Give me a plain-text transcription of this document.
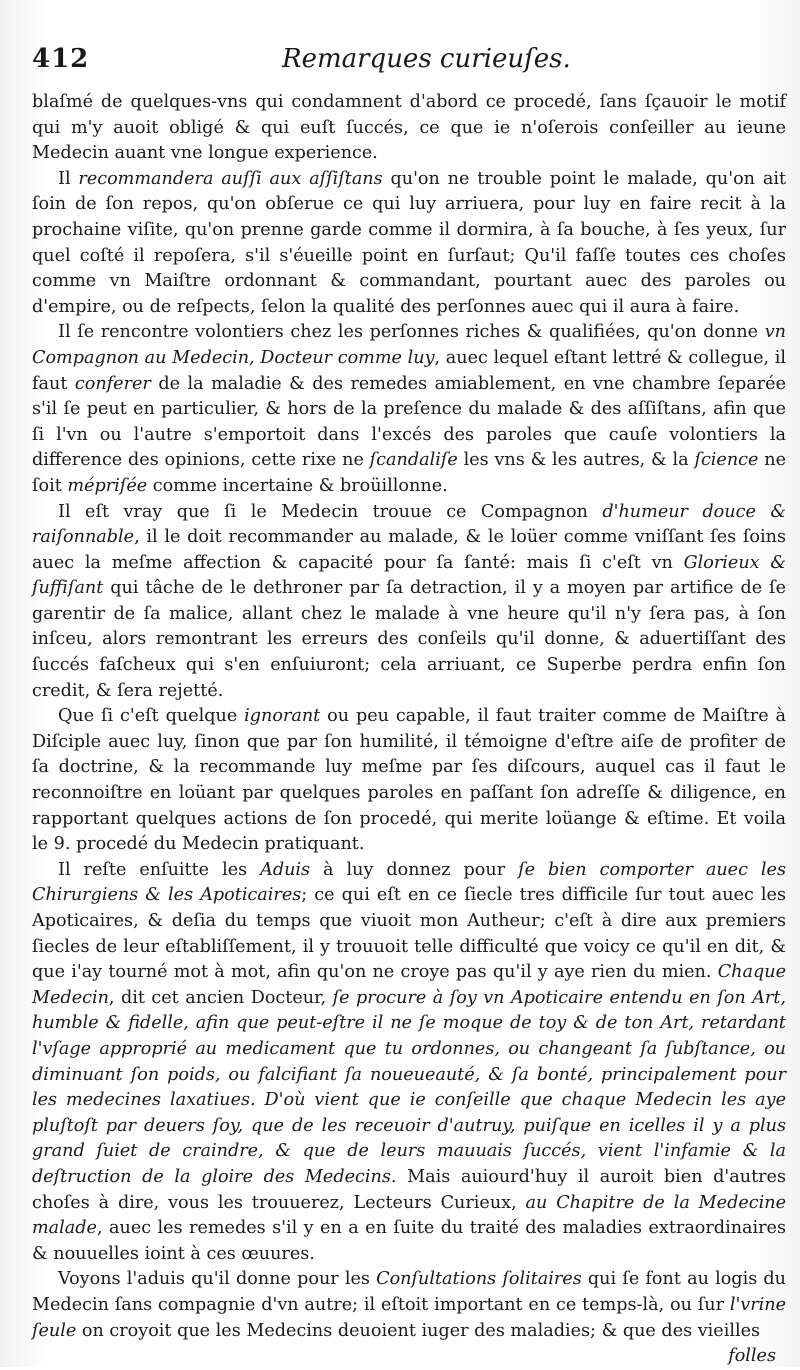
412	Remarques curieuſes.

blaſmé de quelques-vns qui condamnent d'abord ce procedé, ſans ſçauoir le motif qui m'y auoit obligé & qui euſt ſuccés, ce que ie n'oſerois conſeiller au ieune Medecin auant vne longue experience.

Il recommandera auſſi aux aſſiſtans qu'on ne trouble point le malade, qu'on ait ſoin de ſon repos, qu'on obſerue ce qui luy arriuera, pour luy en faire recit à la prochaine viſite, qu'on prenne garde comme il dormira, à ſa bouche, à ſes yeux, ſur quel coſté il repoſera, s'il s'éueille point en ſurſaut; Qu'il faſſe toutes ces choſes comme vn Maiſtre ordonnant & commandant, pourtant auec des paroles ou d'empire, ou de reſpects, ſelon la qualité des perſonnes auec qui il aura à faire.

Il ſe rencontre volontiers chez les perſonnes riches & qualifiées, qu'on donne vn Compagnon au Medecin, Docteur comme luy, auec lequel eſtant lettré & collegue, il faut conferer de la maladie & des remedes amiablement, en vne chambre ſeparée s'il ſe peut en particulier, & hors de la preſence du malade & des aſſiſtans, afin que ſi l'vn ou l'autre s'emportoit dans l'excés des paroles que cauſe volontiers la difference des opinions, cette rixe ne ſcandaliſe les vns & les autres, & la ſcience ne ſoit mépriſée comme incertaine & broüillonne.

Il eſt vray que ſi le Medecin trouue ce Compagnon d'humeur douce & raiſonnable, il le doit recommander au malade, & le loüer comme vniſſant ſes ſoins auec la meſme affection & capacité pour ſa ſanté: mais ſi c'eſt vn Glorieux & ſuffiſant qui tâche de le dethroner par ſa detraction, il y a moyen par artifice de ſe garentir de ſa malice, allant chez le malade à vne heure qu'il n'y ſera pas, à ſon inſceu, alors remontrant les erreurs des conſeils qu'il donne, & aduertiſſant des ſuccés faſcheux qui s'en enſuiuront; cela arriuant, ce Superbe perdra enfin ſon credit, & ſera rejetté.

Que ſi c'eſt quelque ignorant ou peu capable, il faut traiter comme de Maiſtre à Diſciple auec luy, ſinon que par ſon humilité, il témoigne d'eſtre aiſe de profiter de ſa doctrine, & la recommande luy meſme par ſes diſcours, auquel cas il faut le reconnoiſtre en loüant par quelques paroles en paſſant ſon adreſſe & diligence, en rapportant quelques actions de ſon procedé, qui merite loüange & eſtime. Et voila le 9. procedé du Medecin pratiquant.

Il reſte enſuitte les Aduis à luy donnez pour ſe bien comporter auec les Chirurgiens & les Apoticaires; ce qui eſt en ce ſiecle tres difficile ſur tout auec les Apoticaires, & deſia du temps que viuoit mon Autheur; c'eſt à dire aux premiers ſiecles de leur eſtabliſſement, il y trouuoit telle difficulté que voicy ce qu'il en dit, & que i'ay tourné mot à mot, afin qu'on ne croye pas qu'il y aye rien du mien. Chaque Medecin, dit cet ancien Docteur, ſe procure à ſoy vn Apoticaire entendu en ſon Art, humble & fidelle, afin que peut-eſtre il ne ſe moque de toy & de ton Art, retardant l'vſage approprié au medicament que tu ordonnes, ou changeant ſa ſubſtance, ou diminuant ſon poids, ou falcifiant ſa noueueauté, & ſa bonté, principalement pour les medecines laxatiues. D'où vient que ie conſeille que chaque Medecin les aye pluſtoſt par deuers ſoy, que de les receuoir d'autruy, puiſque en icelles il y a plus grand ſuiet de craindre, & que de leurs mauuais ſuccés, vient l'infamie & la deſtruction de la gloire des Medecins. Mais auiourd'huy il auroit bien d'autres choſes à dire, vous les trouuerez, Lecteurs Curieux, au Chapitre de la Medecine malade, auec les remedes s'il y en a en ſuite du traité des maladies extraordinaires & nouuelles ioint à ces œuures.

Voyons l'aduis qu'il donne pour les Conſultations ſolitaires qui ſe font au logis du Medecin ſans compagnie d'vn autre; il eſtoit important en ce temps-là, ou ſur l'vrine ſeule on croyoit que les Medecins deuoient iuger des maladies; & que des vieilles

folles
